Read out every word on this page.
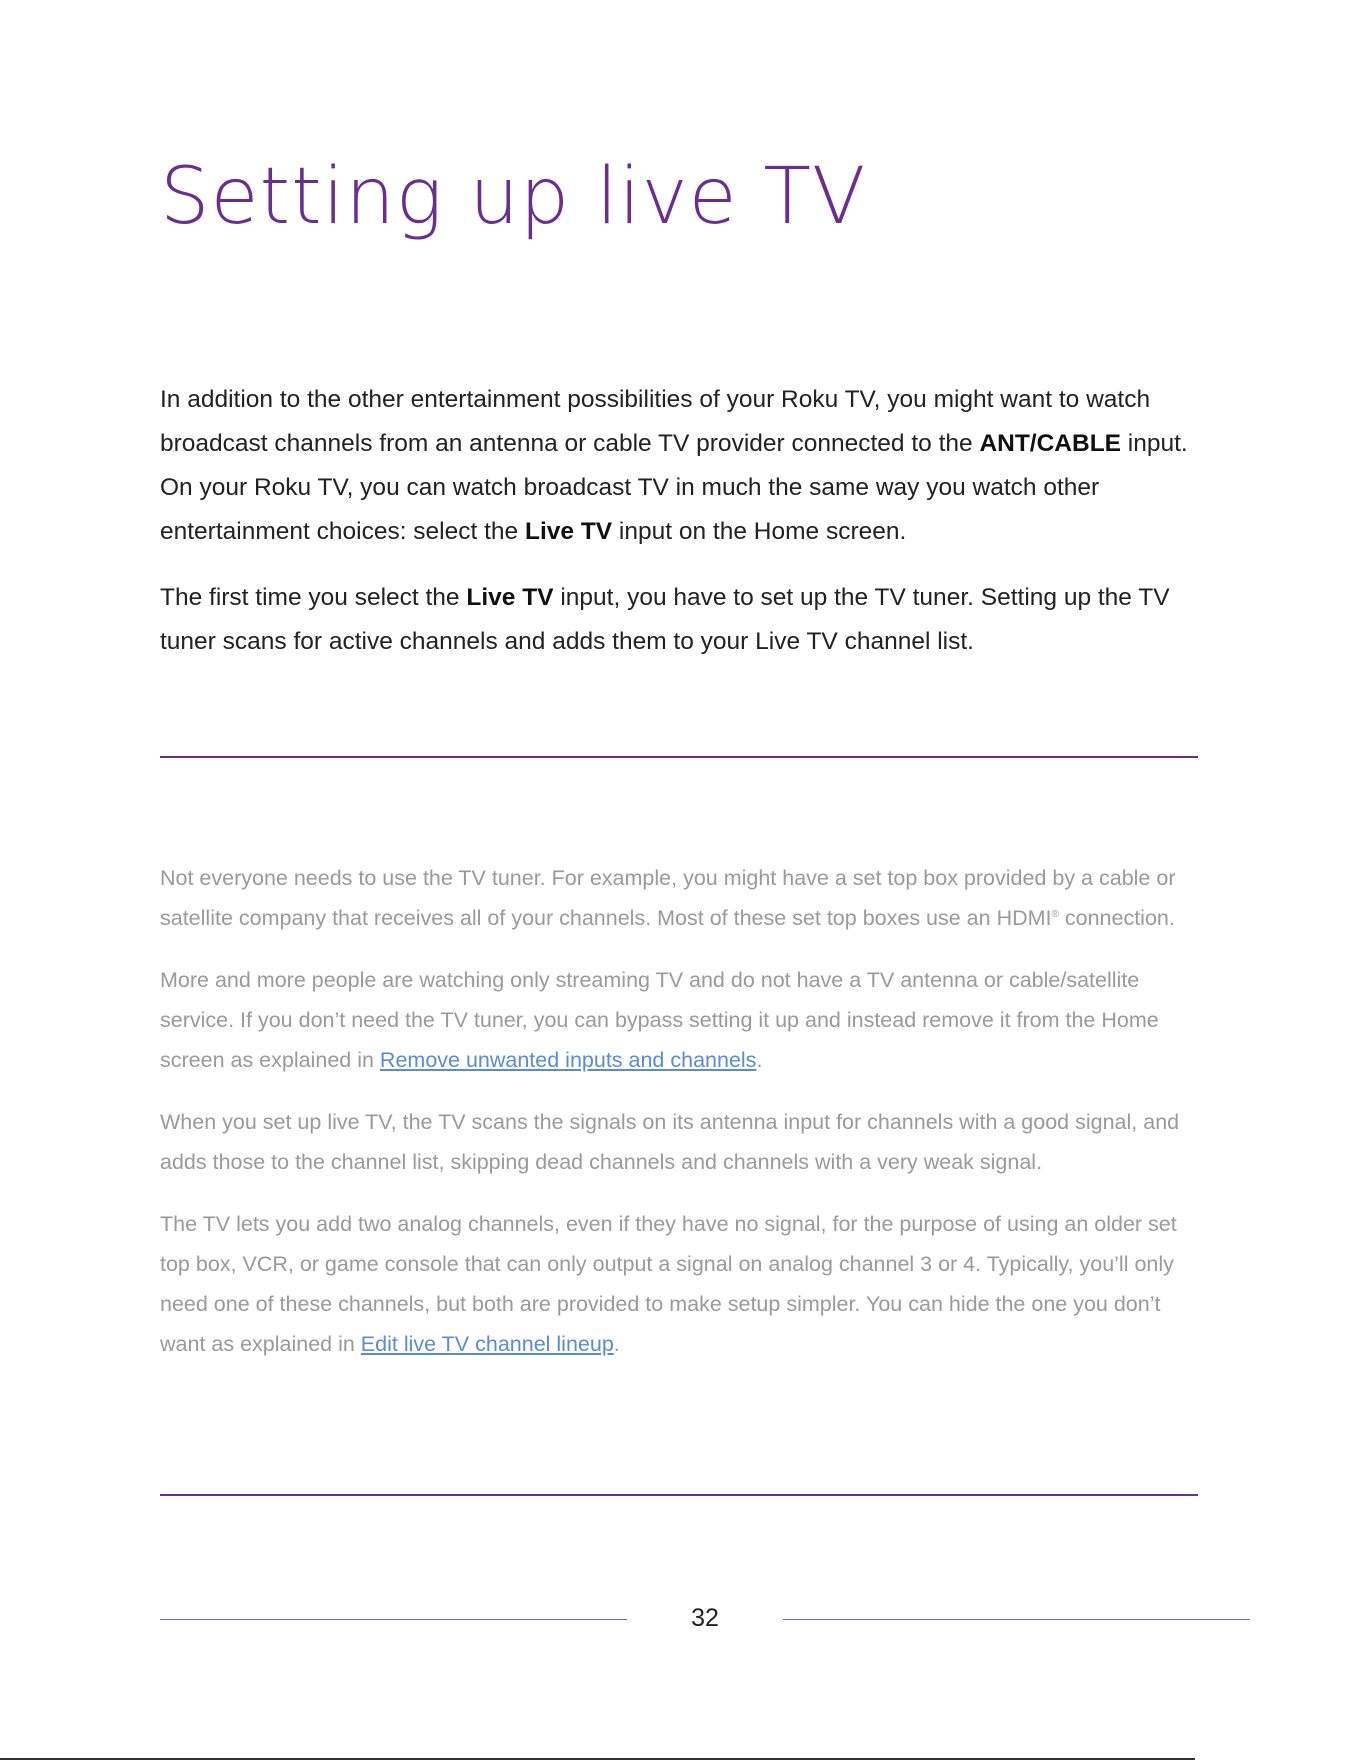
Setting up live TV

In addition to the other entertainment possibilities of your Roku TV, you might want to watch broadcast channels from an antenna or cable TV provider connected to the ANT/CABLE input. On your Roku TV, you can watch broadcast TV in much the same way you watch other entertainment choices: select the Live TV input on the Home screen.

The first time you select the Live TV input, you have to set up the TV tuner. Setting up the TV tuner scans for active channels and adds them to your Live TV channel list.

Not everyone needs to use the TV tuner. For example, you might have a set top box provided by a cable or satellite company that receives all of your channels. Most of these set top boxes use an HDMI® connection.

More and more people are watching only streaming TV and do not have a TV antenna or cable/satellite service. If you don’t need the TV tuner, you can bypass setting it up and instead remove it from the Home screen as explained in Remove unwanted inputs and channels.

When you set up live TV, the TV scans the signals on its antenna input for channels with a good signal, and adds those to the channel list, skipping dead channels and channels with a very weak signal.

The TV lets you add two analog channels, even if they have no signal, for the purpose of using an older set top box, VCR, or game console that can only output a signal on analog channel 3 or 4. Typically, you’ll only need one of these channels, but both are provided to make setup simpler. You can hide the one you don’t want as explained in Edit live TV channel lineup.

32
